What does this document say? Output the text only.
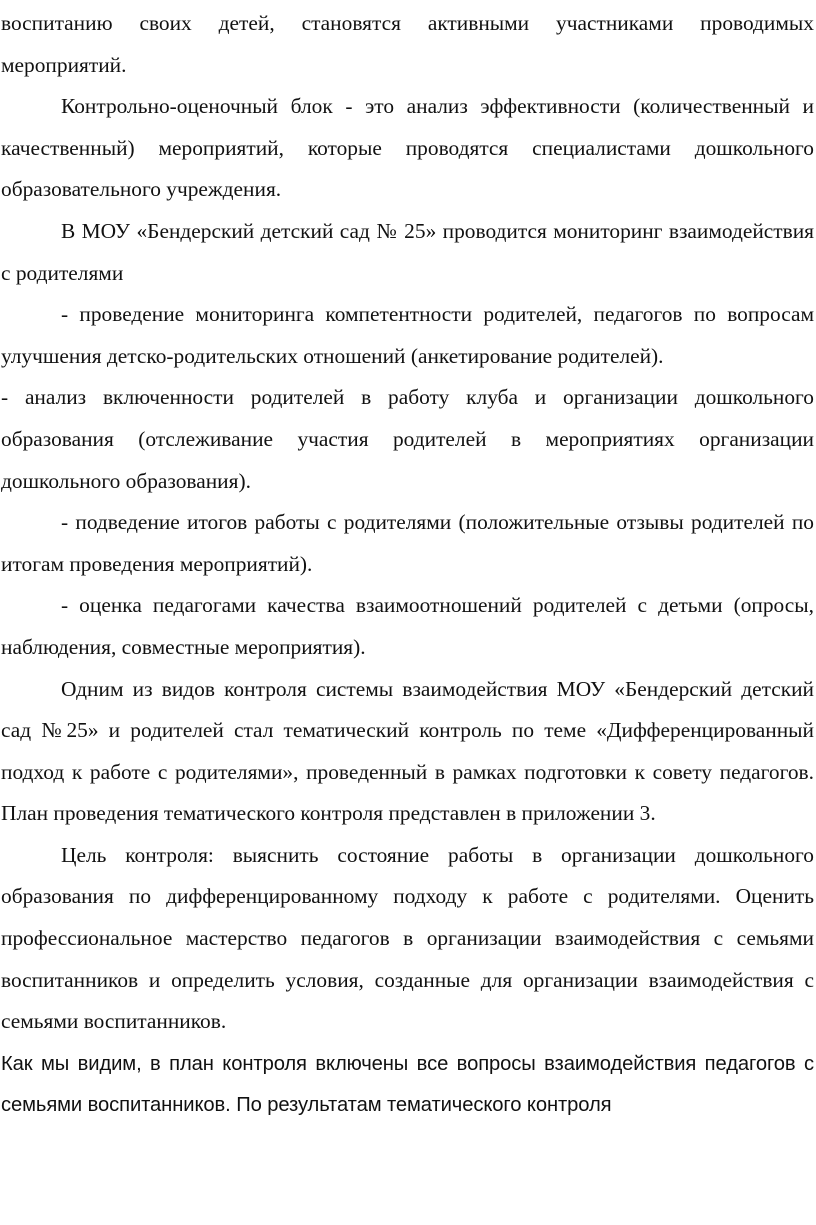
воспитанию своих детей, становятся активными участниками проводимых мероприятий.

Контрольно-оценочный блок - это анализ эффективности (количественный и качественный) мероприятий, которые проводятся специалистами дошкольного образовательного учреждения.

В МОУ «Бендерский детский сад № 25» проводится мониторинг взаимодействия с родителями

- проведение мониторинга компетентности родителей, педагогов по вопросам улучшения детско-родительских отношений (анкетирование родителей).

- анализ включенности родителей в работу клуба и организации дошкольного образования (отслеживание участия родителей в мероприятиях организации дошкольного образования).

- подведение итогов работы с родителями (положительные отзывы родителей по итогам проведения мероприятий).

- оценка педагогами качества взаимоотношений родителей с детьми (опросы, наблюдения, совместные мероприятия).

Одним из видов контроля системы взаимодействия МОУ «Бендерский детский сад №25» и родителей стал тематический контроль по теме «Дифференцированный подход к работе с родителями», проведенный в рамках подготовки к совету педагогов. План проведения тематического контроля представлен в приложении 3.

Цель контроля: выяснить состояние работы в организации дошкольного образования по дифференцированному подходу к работе с родителями. Оценить профессиональное мастерство педагогов в организации взаимодействия с семьями воспитанников и определить условия, созданные для организации взаимодействия с семьями воспитанников.

Как мы видим, в план контроля включены все вопросы взаимодействия педагогов с семьями воспитанников. По результатам тематического контроля
